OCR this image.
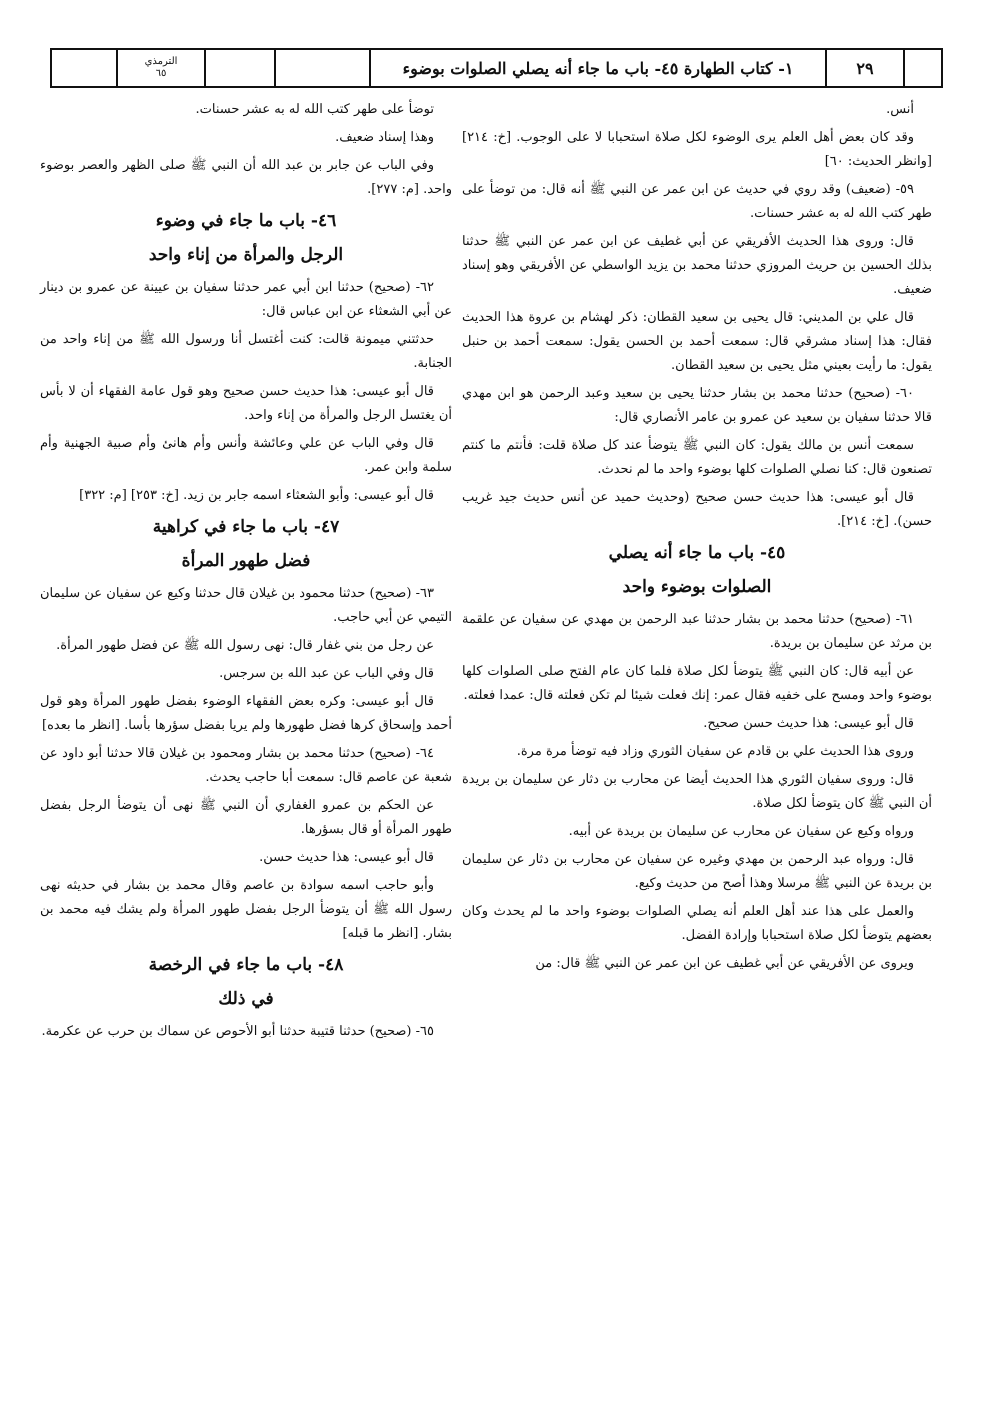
٢٩
١- كتاب الطهارة ٤٥- باب ما جاء أنه يصلي الصلوات بوضوء
الترمذي
٦٥

أنس.

وقد كان بعض أهل العلم يرى الوضوء لكل صلاة استحبابا لا على الوجوب. [خ: ٢١٤] [وانظر الحديث: ٦٠]

٥٩- (ضعيف) وقد روي في حديث عن ابن عمر عن النبي ﷺ أنه قال: من توضأ على طهر كتب الله له به عشر حسنات.

قال: وروى هذا الحديث الأفريقي عن أبي غطيف عن ابن عمر عن النبي ﷺ حدثنا بذلك الحسين بن حريث المروزي حدثنا محمد بن يزيد الواسطي عن الأفريقي وهو إسناد ضعيف.

قال علي بن المديني: قال يحيى بن سعيد القطان: ذكر لهشام بن عروة هذا الحديث فقال: هذا إسناد مشرقي قال: سمعت أحمد بن الحسن يقول: سمعت أحمد بن حنبل يقول: ما رأيت بعيني مثل يحيى بن سعيد القطان.

٦٠- (صحيح) حدثنا محمد بن بشار حدثنا يحيى بن سعيد وعبد الرحمن هو ابن مهدي قالا حدثنا سفيان بن سعيد عن عمرو بن عامر الأنصاري قال:

سمعت أنس بن مالك يقول: كان النبي ﷺ يتوضأ عند كل صلاة قلت: فأنتم ما كنتم تصنعون قال: كنا نصلي الصلوات كلها بوضوء واحد ما لم نحدث.

قال أبو عيسى: هذا حديث حسن صحيح (وحديث حميد عن أنس حديث جيد غريب حسن). [خ: ٢١٤].

٤٥- باب ما جاء أنه يصلي

الصلوات بوضوء واحد

٦١- (صحيح) حدثنا محمد بن بشار حدثنا عبد الرحمن بن مهدي عن سفيان عن علقمة بن مرثد عن سليمان بن بريدة.

عن أبيه قال: كان النبي ﷺ يتوضأ لكل صلاة فلما كان عام الفتح صلى الصلوات كلها بوضوء واحد ومسح على خفيه فقال عمر: إنك فعلت شيئا لم تكن فعلته قال: عمدا فعلته.

قال أبو عيسى: هذا حديث حسن صحيح.

وروى هذا الحديث علي بن قادم عن سفيان الثوري وزاد فيه توضأ مرة مرة.

قال: وروى سفيان الثوري هذا الحديث أيضا عن محارب بن دثار عن سليمان بن بريدة أن النبي ﷺ كان يتوضأ لكل صلاة.

ورواه وكيع عن سفيان عن محارب عن سليمان بن بريدة عن أبيه.

قال: ورواه عبد الرحمن بن مهدي وغيره عن سفيان عن محارب بن دثار عن سليمان بن بريدة عن النبي ﷺ مرسلا وهذا أصح من حديث وكيع.

والعمل على هذا عند أهل العلم أنه يصلي الصلوات بوضوء واحد ما لم يحدث وكان بعضهم يتوضأ لكل صلاة استحبابا وإرادة الفضل.

ويروى عن الأفريقي عن أبي غطيف عن ابن عمر عن النبي ﷺ قال: من

توضأ على طهر كتب الله له به عشر حسنات.

وهذا إسناد ضعيف.

وفي الباب عن جابر بن عبد الله أن النبي ﷺ صلى الظهر والعصر بوضوء واحد. [م: ٢٧٧].

٤٦- باب ما جاء في وضوء

الرجل والمرأة من إناء واحد

٦٢- (صحيح) حدثنا ابن أبي عمر حدثنا سفيان بن عيينة عن عمرو بن دينار عن أبي الشعثاء عن ابن عباس قال:

حدثتني ميمونة قالت: كنت أغتسل أنا ورسول الله ﷺ من إناء واحد من الجنابة.

قال أبو عيسى: هذا حديث حسن صحيح وهو قول عامة الفقهاء أن لا بأس أن يغتسل الرجل والمرأة من إناء واحد.

قال وفي الباب عن علي وعائشة وأنس وأم هانئ وأم صبية الجهنية وأم سلمة وابن عمر.

قال أبو عيسى: وأبو الشعثاء اسمه جابر بن زيد. [خ: ٢٥٣] [م: ٣٢٢]

٤٧- باب ما جاء في كراهية

فضل طهور المرأة

٦٣- (صحيح) حدثنا محمود بن غيلان قال حدثنا وكيع عن سفيان عن سليمان التيمي عن أبي حاجب.

عن رجل من بني غفار قال: نهى رسول الله ﷺ عن فضل طهور المرأة.

قال وفي الباب عن عبد الله بن سرجس.

قال أبو عيسى: وكره بعض الفقهاء الوضوء بفضل طهور المرأة وهو قول أحمد وإسحاق كرها فضل طهورها ولم يريا بفضل سؤرها بأسا. [انظر ما بعده]

٦٤- (صحيح) حدثنا محمد بن بشار ومحمود بن غيلان قالا حدثنا أبو داود عن شعبة عن عاصم قال: سمعت أبا حاجب يحدث.

عن الحكم بن عمرو الغفاري أن النبي ﷺ نهى أن يتوضأ الرجل بفضل طهور المرأة أو قال بسؤرها.

قال أبو عيسى: هذا حديث حسن.

وأبو حاجب اسمه سوادة بن عاصم وقال محمد بن بشار في حديثه نهى رسول الله ﷺ أن يتوضأ الرجل بفضل طهور المرأة ولم يشك فيه محمد بن بشار. [انظر ما قبله]

٤٨- باب ما جاء في الرخصة

في ذلك

٦٥- (صحيح) حدثنا قتيبة حدثنا أبو الأحوص عن سماك بن حرب عن عكرمة.
